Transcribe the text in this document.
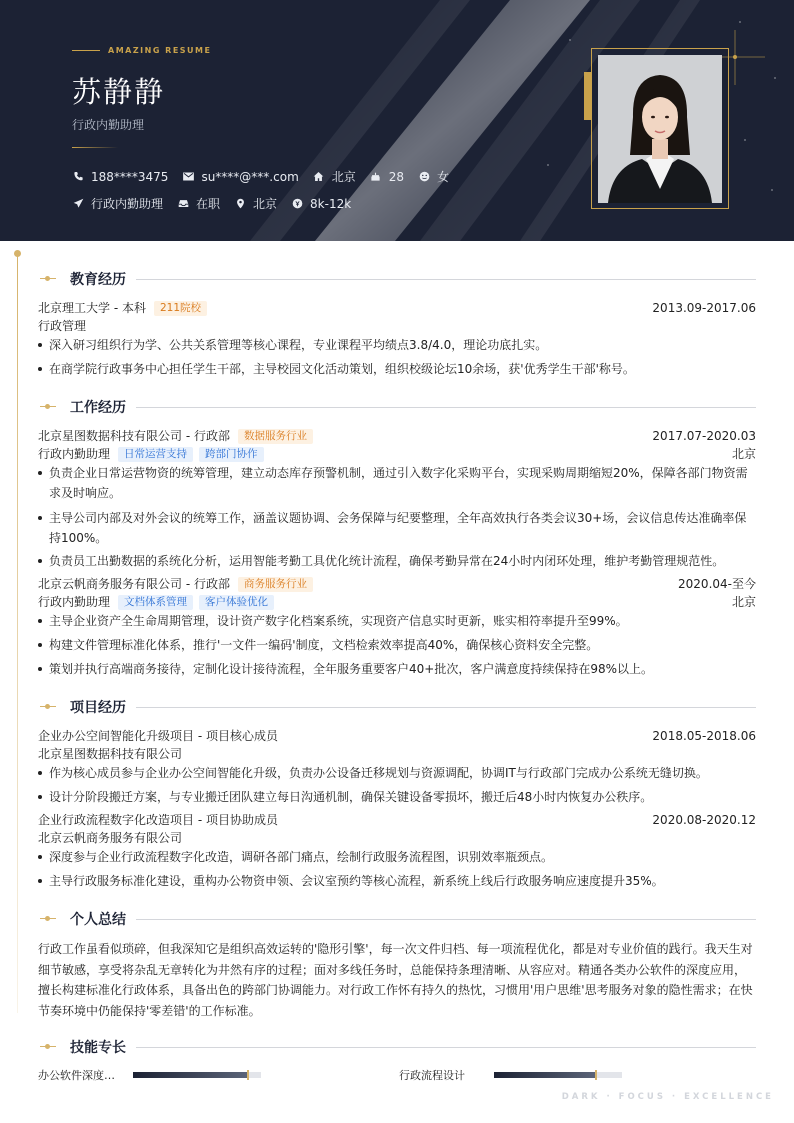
AMAZING RESUME
苏静静
行政内勤助理
188****3475	su****@***.com	北京	28	女
行政内勤助理	在职	北京	8k-12k
教育经历
北京理工大学 - 本科	211院校	2013.09-2017.06
行政管理
深入研习组织行为学、公共关系管理等核心课程，专业课程平均绩点3.8/4.0，理论功底扎实。
在商学院行政事务中心担任学生干部，主导校园文化活动策划，组织校级论坛10余场，获'优秀学生干部'称号。
工作经历
北京星图数据科技有限公司 - 行政部	数据服务行业	2017.07-2020.03
行政内勤助理	日常运营支持	跨部门协作	北京
负责企业日常运营物资的统筹管理，建立动态库存预警机制，通过引入数字化采购平台，实现采购周期缩短20%，保障各部门物资需求及时响应。
主导公司内部及对外会议的统筹工作，涵盖议题协调、会务保障与纪要整理，全年高效执行各类会议30+场，会议信息传达准确率保持100%。
负责员工出勤数据的系统化分析，运用智能考勤工具优化统计流程，确保考勤异常在24小时内闭环处理，维护考勤管理规范性。
北京云帆商务服务有限公司 - 行政部	商务服务行业	2020.04-至今
行政内勤助理	文档体系管理	客户体验优化	北京
主导企业资产全生命周期管理，设计资产数字化档案系统，实现资产信息实时更新，账实相符率提升至99%。
构建文件管理标准化体系，推行'一文件一编码'制度，文档检索效率提高40%，确保核心资料安全完整。
策划并执行高端商务接待，定制化设计接待流程，全年服务重要客户40+批次，客户满意度持续保持在98%以上。
项目经历
企业办公空间智能化升级项目 - 项目核心成员	2018.05-2018.06
北京星图数据科技有限公司
作为核心成员参与企业办公空间智能化升级，负责办公设备迁移规划与资源调配，协调IT与行政部门完成办公系统无缝切换。
设计分阶段搬迁方案，与专业搬迁团队建立每日沟通机制，确保关键设备零损坏，搬迁后48小时内恢复办公秩序。
企业行政流程数字化改造项目 - 项目协助成员	2020.08-2020.12
北京云帆商务服务有限公司
深度参与企业行政流程数字化改造，调研各部门痛点，绘制行政服务流程图，识别效率瓶颈点。
主导行政服务标准化建设，重构办公物资申领、会议室预约等核心流程，新系统上线后行政服务响应速度提升35%。
个人总结
行政工作虽看似琐碎，但我深知它是组织高效运转的'隐形引擎'，每一次文件归档、每一项流程优化，都是对专业价值的践行。我天生对细节敏感，享受将杂乱无章转化为井然有序的过程；面对多线任务时，总能保持条理清晰、从容应对。精通各类办公软件的深度应用，擅长构建标准化行政体系，具备出色的跨部门协调能力。对行政工作怀有持久的热忱，习惯用'用户思维'思考服务对象的隐性需求；在快节奏环境中仍能保持'零差错'的工作标准。
技能专长
办公软件深度…	行政流程设计
DARK · FOCUS · EXCELLENCE
